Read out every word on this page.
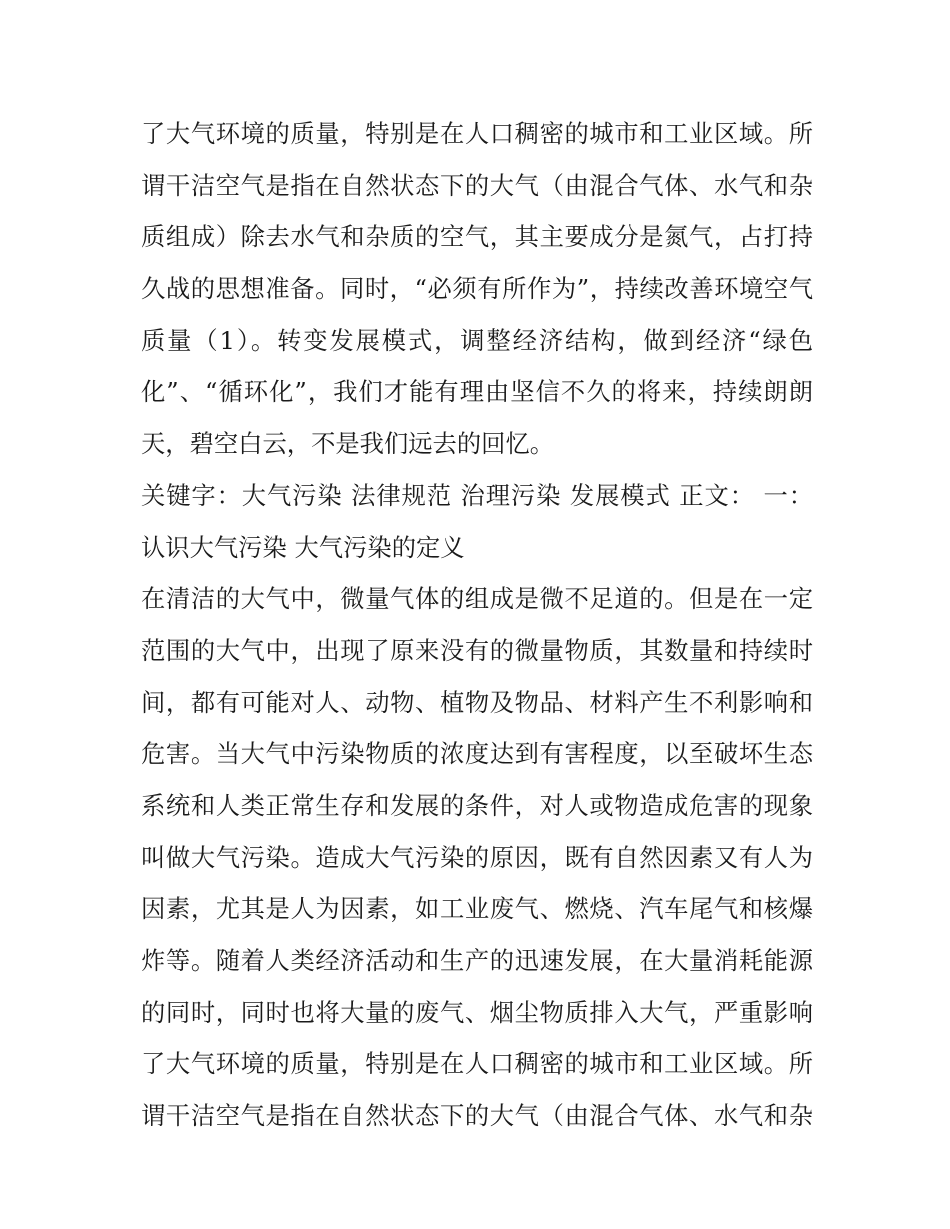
了大气环境的质量，特别是在人口稠密的城市和工业区域。所
谓干洁空气是指在自然状态下的大气（由混合气体、水气和杂
质组成）除去水气和杂质的空气，其主要成分是氮气，占打持
久战的思想准备。同时，“必须有所作为”，持续改善环境空气
质量（1）。转变发展模式，调整经济结构，做到经济“绿色
化”、“循环化”，我们才能有理由坚信不久的将来，持续朗朗
天，碧空白云，不是我们远去的回忆。
关键字：大气污染 法律规范 治理污染 发展模式 正文： 一：
认识大气污染 大气污染的定义
在清洁的大气中，微量气体的组成是微不足道的。但是在一定
范围的大气中，出现了原来没有的微量物质，其数量和持续时
间，都有可能对人、动物、植物及物品、材料产生不利影响和
危害。当大气中污染物质的浓度达到有害程度，以至破坏生态
系统和人类正常生存和发展的条件，对人或物造成危害的现象
叫做大气污染。造成大气污染的原因，既有自然因素又有人为
因素，尤其是人为因素，如工业废气、燃烧、汽车尾气和核爆
炸等。随着人类经济活动和生产的迅速发展，在大量消耗能源
的同时，同时也将大量的废气、烟尘物质排入大气，严重影响
了大气环境的质量，特别是在人口稠密的城市和工业区域。所
谓干洁空气是指在自然状态下的大气（由混合气体、水气和杂
